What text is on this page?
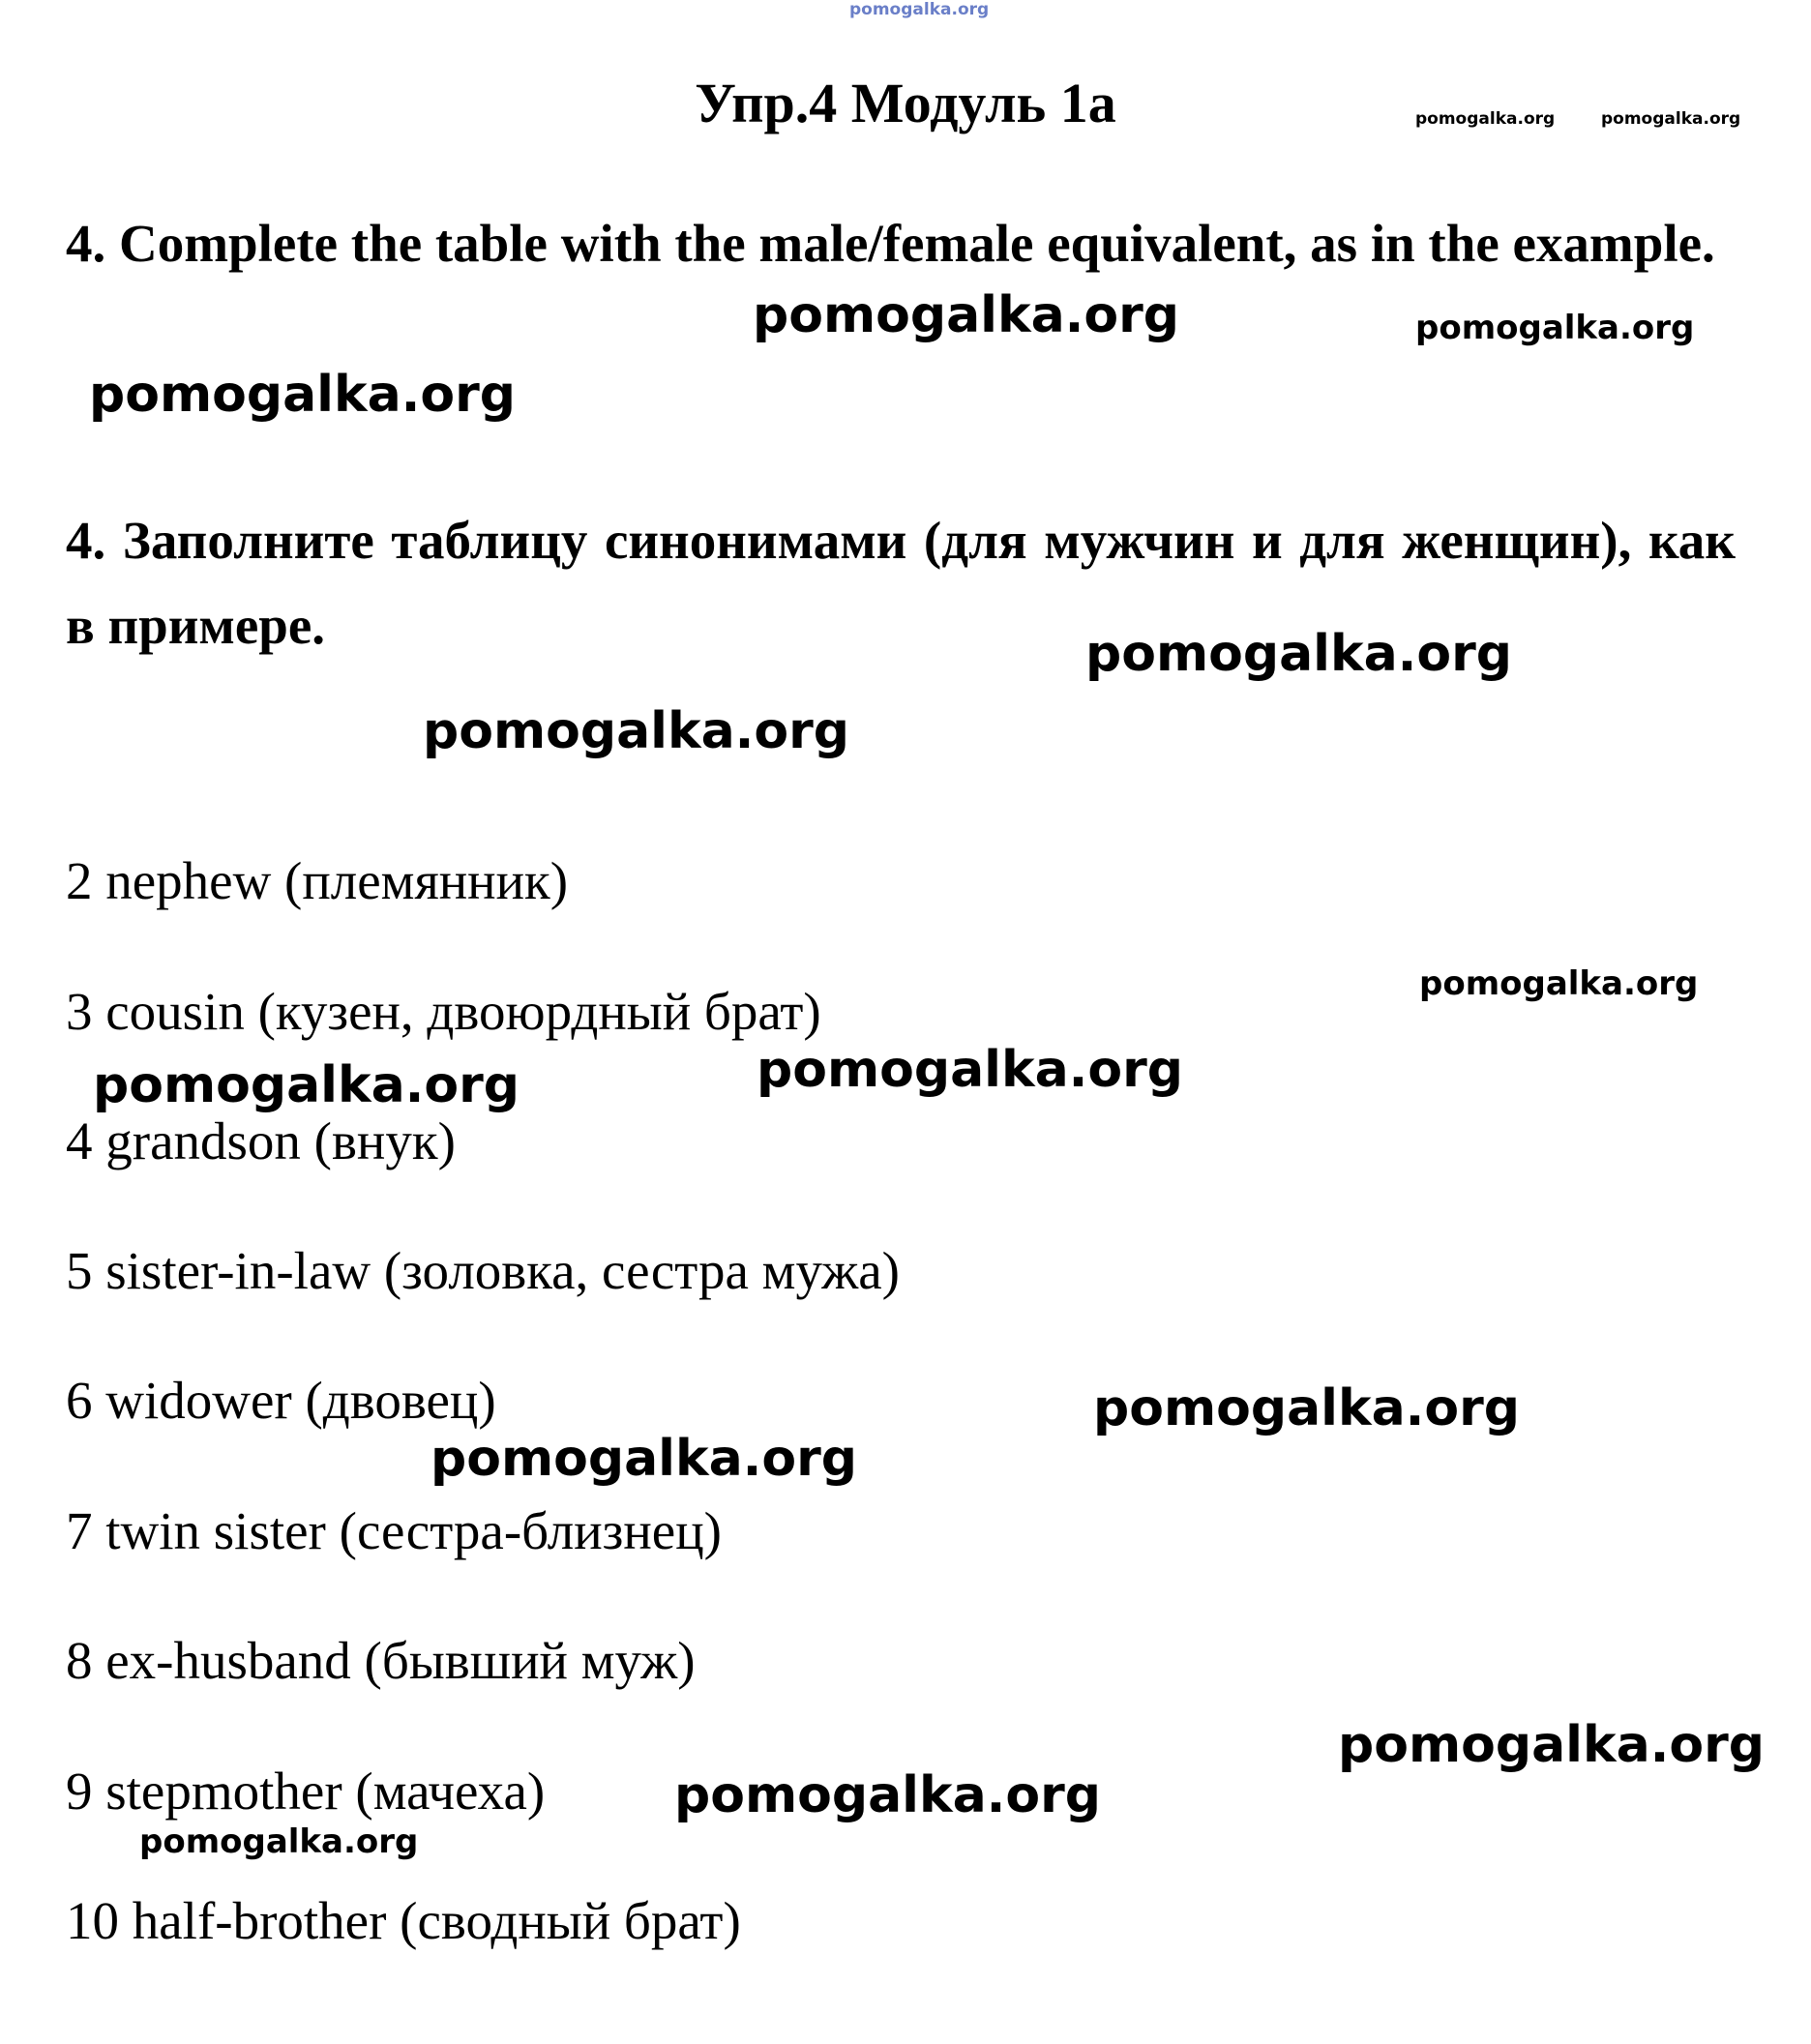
Упр.4 Модуль 1a
4. Complete the table with the male/female equivalent, as in the example.
4. Заполните таблицу синонимами (для мужчин и для женщин), как в примере.
2 nephew (племянник)
3 cousin (кузен, двоюрдный брат)
4 grandson (внук)
5 sister-in-law (золовка, сестра мужа)
6 widower (двовец)
7 twin sister (сестра-близнец)
8 ex-husband (бывший муж)
9 stepmother (мачеха)
10 half-brother (сводный брат)
pomogalka.org
pomogalka.org	pomogalka.org
pomogalka.org	pomogalka.org
pomogalka.org
pomogalka.org
pomogalka.org
pomogalka.org
pomogalka.org
pomogalka.org
pomogalka.org
pomogalka.org
pomogalka.org
pomogalka.org
pomogalka.org
